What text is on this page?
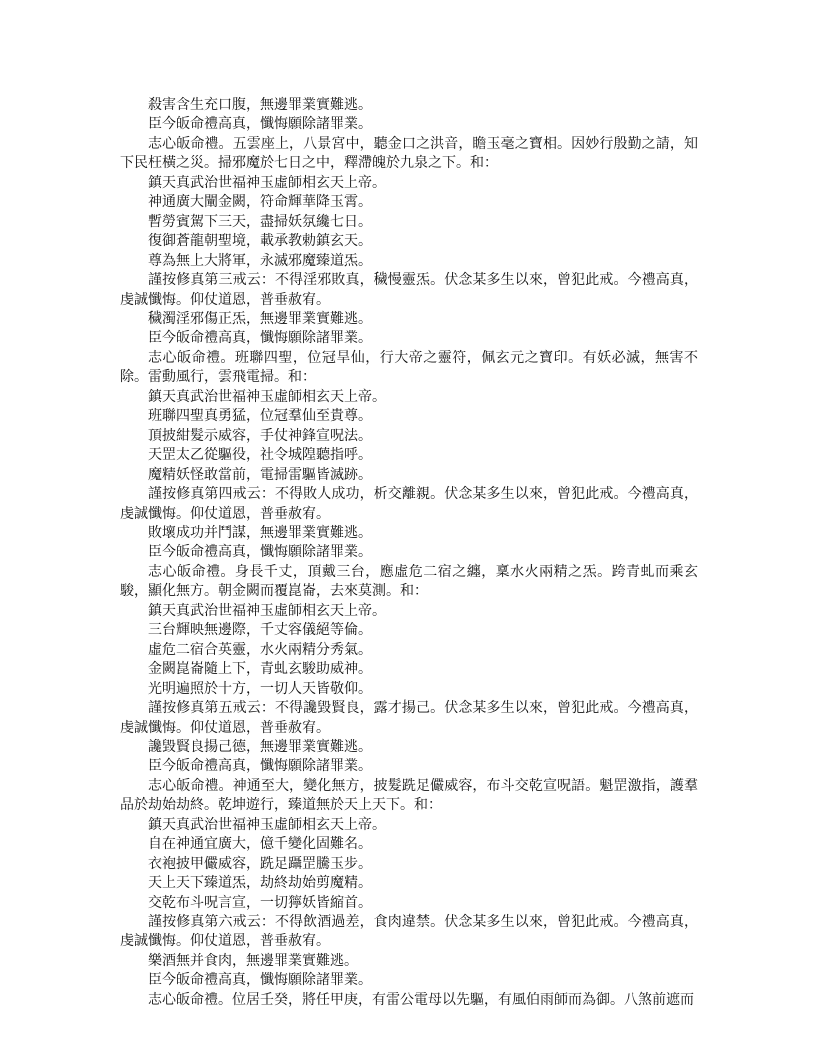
殺害含生充口腹，無邊罪業實難逃。

臣今皈命禮高真，懺悔願除諸罪業。

志心皈命禮。五雲座上，八景宮中，聽金口之洪音，瞻玉毫之寶相。因妙行殷勤之請，知下民枉橫之災。掃邪魔於七日之中，釋滯魄於九泉之下。和：

鎮天真武治世福神玉虛師相玄天上帝。

神通廣大闡金闕，符命輝華降玉霄。

暫勞賓駕下三天，盡掃妖氛纔七日。

復御蒼龍朝聖境，載承教勅鎮玄天。

尊為無上大將軍，永滅邪魔臻道炁。

謹按修真第三戒云：不得淫邪敗真，穢慢靈炁。伏念某多生以來，曾犯此戒。今禮高真，虔誠懺悔。仰仗道恩，普垂赦宥。

穢濁淫邪傷正炁，無邊罪業實難逃。

臣今皈命禮高真，懺悔願除諸罪業。

志心皈命禮。班聯四聖，位冠旱仙，行大帝之靈符，佩玄元之寶印。有妖必滅，無害不除。雷動風行，雲飛電掃。和：

鎮天真武治世福神玉虛師相玄天上帝。

班聯四聖真勇猛，位冠羣仙至貴尊。

頂披紺髮示威容，手仗神鋒宣呪法。

天罡太乙從驅役，社令城隍聽指呼。

魔精妖怪敢當前，電掃雷驅皆滅跡。

謹按修真第四戒云：不得敗人成功，析交離親。伏念某多生以來，曾犯此戒。今禮高真，虔誠懺悔。仰仗道恩，普垂赦宥。

敗壞成功并鬥謀，無邊罪業實難逃。

臣今皈命禮高真，懺悔願除諸罪業。

志心皈命禮。身長千丈，頂戴三台，應虛危二宿之纏，稟水火兩精之炁。跨青虬而乘玄駿，顯化無方。朝金闕而覆崑崙，去來莫測。和：

鎮天真武治世福神玉虛師相玄天上帝。

三台輝映無邊際，千丈容儀絕等倫。

虛危二宿合英靈，水火兩精分秀氣。

金闕崑崙隨上下，青虬玄駿助威神。

光明遍照於十方，一切人天皆敬仰。

謹按修真第五戒云：不得讒毀賢良，露才揚己。伏念某多生以來，曾犯此戒。今禮高真，虔誠懺悔。仰仗道恩，普垂赦宥。

讒毀賢良揚己德，無邊罪業實難逃。

臣今皈命禮高真，懺悔願除諸罪業。

志心皈命禮。神通至大，變化無方，披髮跣足儼威容，布斗交乾宣呪語。魁罡激指，護羣品於劫始劫終。乾坤遊行，臻道無於天上天下。和：

鎮天真武治世福神玉虛師相玄天上帝。

自在神通宜廣大，億千變化固難名。

衣袍披甲儼威容，跣足躡罡騰玉步。

天上天下臻道炁，劫終劫始剪魔精。

交乾布斗呪言宣，一切獰妖皆縮首。

謹按修真第六戒云：不得飲酒過差，食肉違禁。伏念某多生以來，曾犯此戒。今禮高真，虔誠懺悔。仰仗道恩，普垂赦宥。

樂酒無并食肉，無邊罪業實難逃。

臣今皈命禮高真，懺悔願除諸罪業。

志心皈命禮。位居壬癸，將任甲庚，有雷公電母以先驅，有風伯雨師而為御。八煞前遮而
